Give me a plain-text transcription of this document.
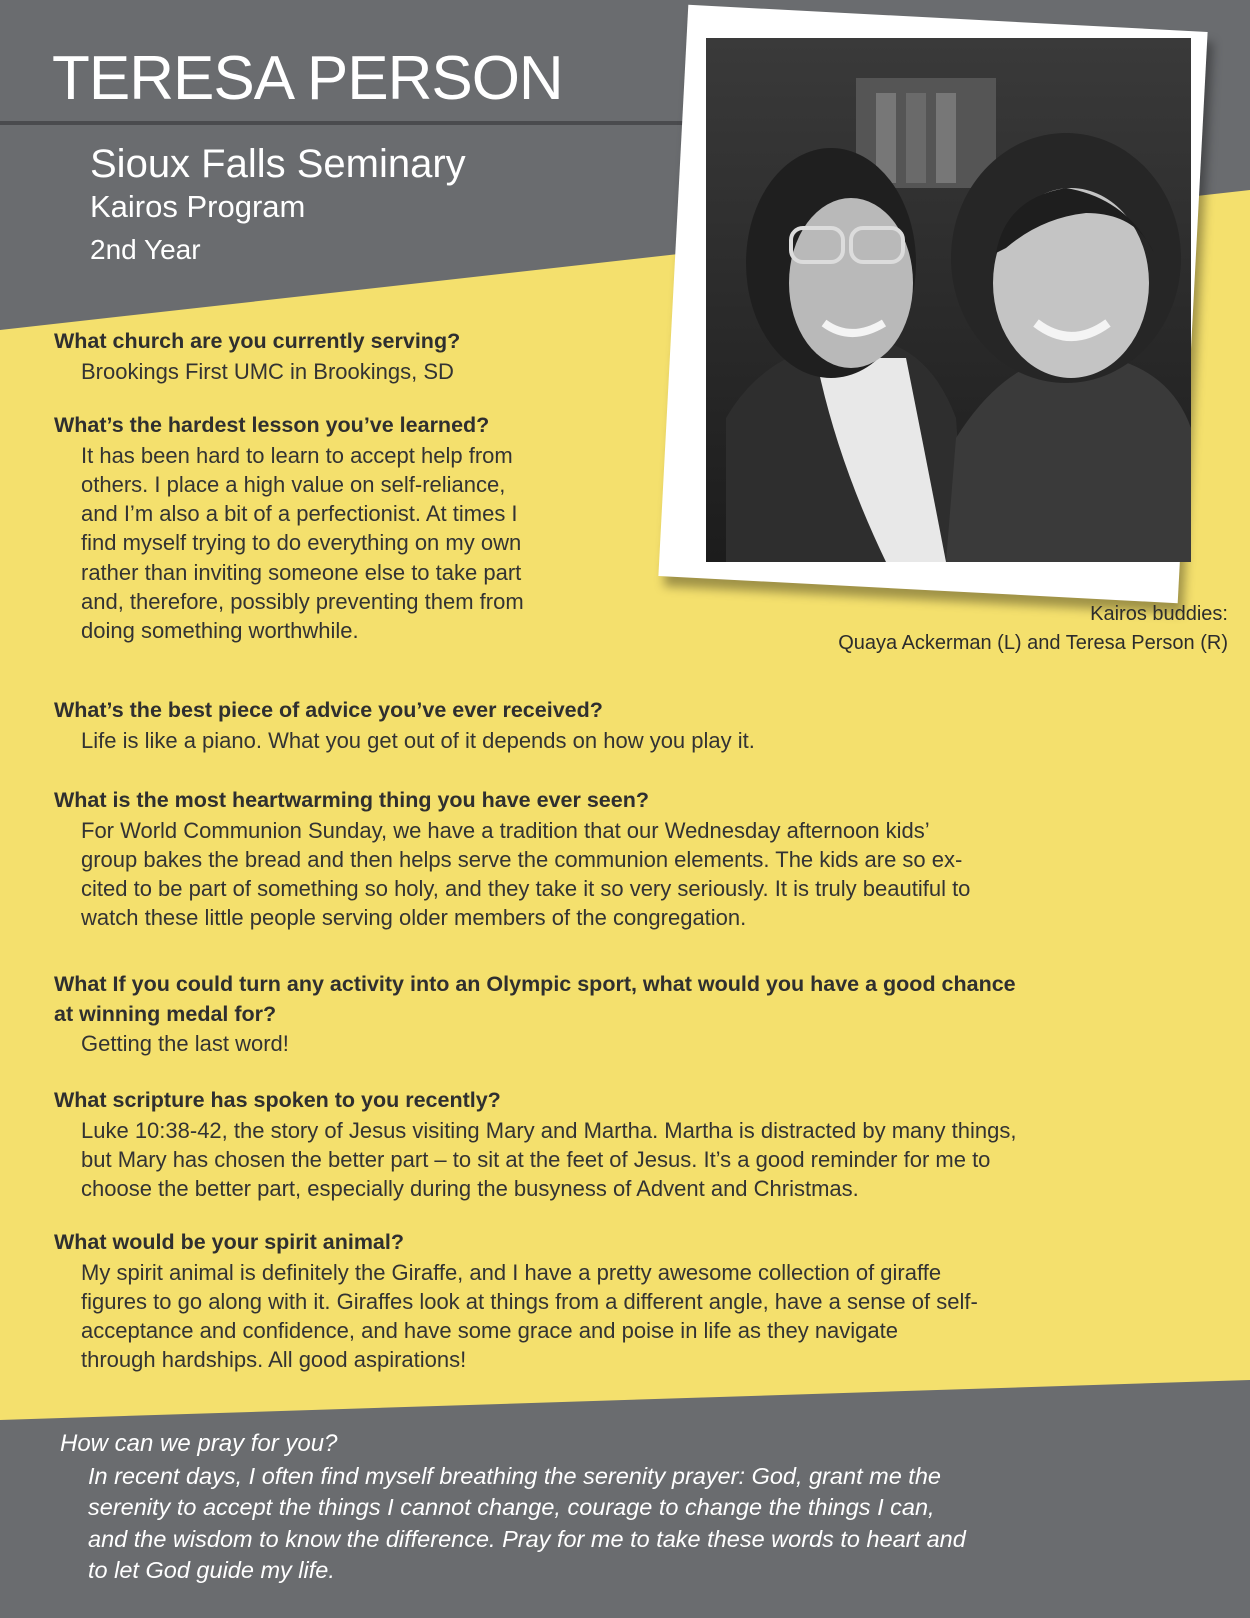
TERESA PERSON
Sioux Falls Seminary
Kairos Program
2nd Year
Kairos buddies:
Quaya Ackerman (L) and Teresa Person (R)

What church are you currently serving?

Brookings First UMC in Brookings, SD

What’s the hardest lesson you’ve learned?

It has been hard to learn to accept help from

others. I place a high value on self-reliance,

and I’m also a bit of a perfectionist. At times I

find myself trying to do everything on my own

rather than inviting someone else to take part

and, therefore, possibly preventing them from

doing something worthwhile.

What’s the best piece of advice you’ve ever received?

Life is like a piano. What you get out of it depends on how you play it.

What is the most heartwarming thing you have ever seen?

For World Communion Sunday, we have a tradition that our Wednesday afternoon kids’

group bakes the bread and then helps serve the communion elements. The kids are so ex-

cited to be part of something so holy, and they take it so very seriously. It is truly beautiful to

watch these little people serving older members of the congregation.

What If you could turn any activity into an Olympic sport, what would you have a good chance

at winning medal for?

Getting the last word!

What scripture has spoken to you recently?

Luke 10:38-42, the story of Jesus visiting Mary and Martha. Martha is distracted by many things,

but Mary has chosen the better part – to sit at the feet of Jesus. It’s a good reminder for me to

choose the better part, especially during the busyness of Advent and Christmas.

What would be your spirit animal?

My spirit animal is definitely the Giraffe, and I have a pretty awesome collection of giraffe

figures to go along with it. Giraffes look at things from a different angle, have a sense of self-

acceptance and confidence, and have some grace and poise in life as they navigate

through hardships. All good aspirations!

How can we pray for you?

In recent days, I often find myself breathing the serenity prayer: God, grant me the

serenity to accept the things I cannot change, courage to change the things I can,

and the wisdom to know the difference. Pray for me to take these words to heart and

to let God guide my life.
